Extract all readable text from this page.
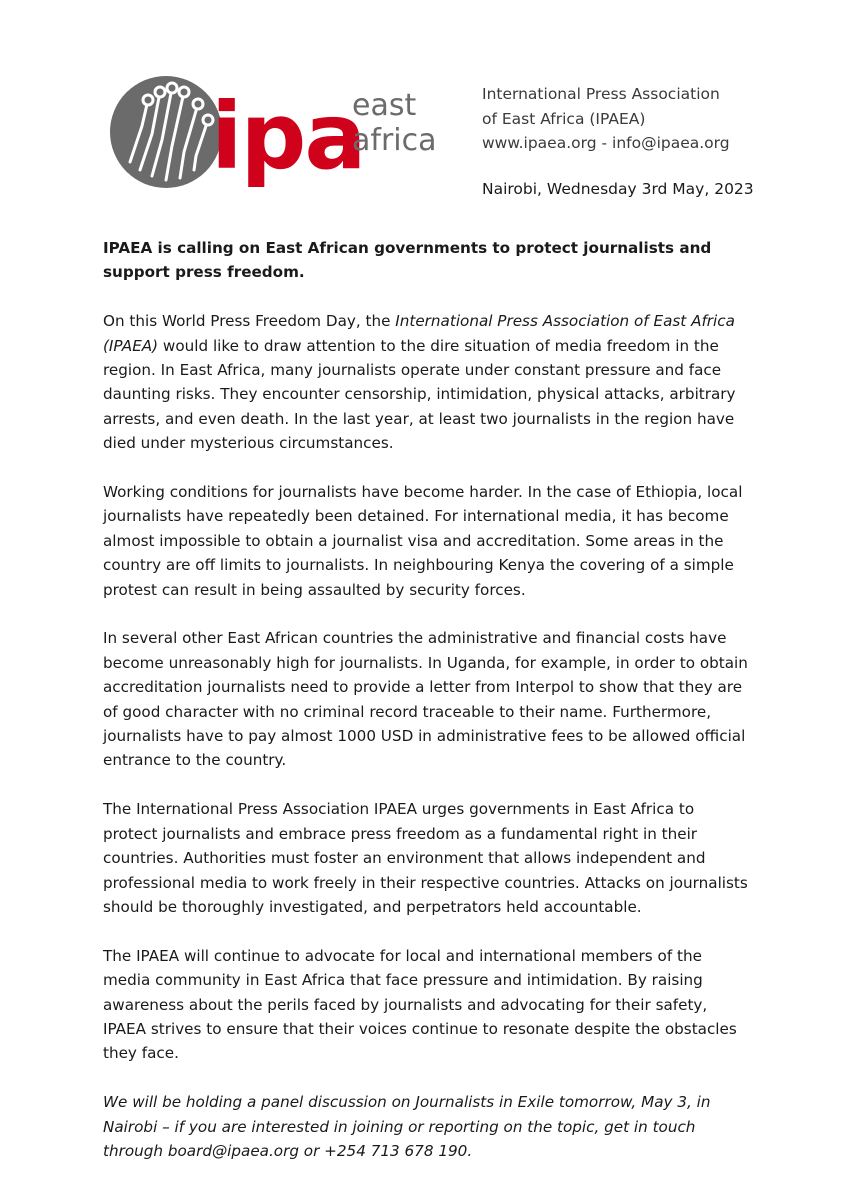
ipa
east
africa
International Press Association
of East Africa (IPAEA)
www.ipaea.org - info@ipaea.org
Nairobi, Wednesday 3rd May, 2023

IPAEA is calling on East African governments to protect journalists and support press freedom.

On this World Press Freedom Day, the International Press Association of East Africa (IPAEA) would like to draw attention to the dire situation of media freedom in the region. In East Africa, many journalists operate under constant pressure and face daunting risks. They encounter censorship, intimidation, physical attacks, arbitrary arrests, and even death. In the last year, at least two journalists in the region have died under mysterious circumstances.

Working conditions for journalists have become harder. In the case of Ethiopia, local journalists have repeatedly been detained. For international media, it has become almost impossible to obtain a journalist visa and accreditation. Some areas in the country are off limits to journalists. In neighbouring Kenya the covering of a simple protest can result in being assaulted by security forces.

In several other East African countries the administrative and financial costs have become unreasonably high for journalists. In Uganda, for example, in order to obtain accreditation journalists need to provide a letter from Interpol to show that they are of good character with no criminal record traceable to their name. Furthermore, journalists have to pay almost 1000 USD in administrative fees to be allowed official entrance to the country.

The International Press Association IPAEA urges governments in East Africa to protect journalists and embrace press freedom as a fundamental right in their countries. Authorities must foster an environment that allows independent and professional media to work freely in their respective countries. Attacks on journalists should be thoroughly investigated, and perpetrators held accountable.

The IPAEA will continue to advocate for local and international members of the media community in East Africa that face pressure and intimidation. By raising awareness about the perils faced by journalists and advocating for their safety, IPAEA strives to ensure that their voices continue to resonate despite the obstacles they face.

We will be holding a panel discussion on Journalists in Exile tomorrow, May 3, in Nairobi – if you are interested in joining or reporting on the topic, get in touch through board@ipaea.org or +254 713 678 190.
